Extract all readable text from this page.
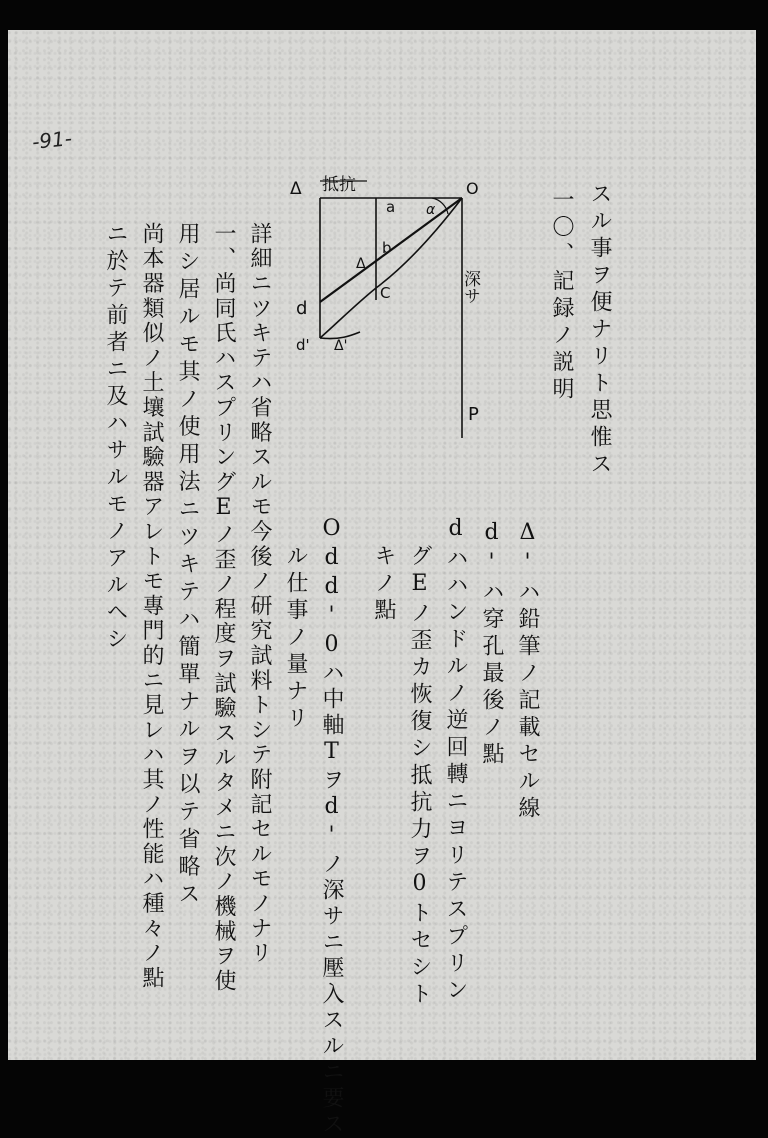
-91-
スル事ヲ便ナリト思惟ス
一〇、記録ノ説明
抵抗
Δ	O
α
a
b
Δ
C
d
d' Δ'
P
深サ
Δ'ハ鉛筆ノ記載セル線
d'ハ穿孔最後ノ點
dハハンドルノ逆回轉ニヨリテスプリン
グEノ歪カ恢復シ抵抗力ヲ0トセシト
キノ點
Odd'0ハ中軸Tヲd'ノ深サニ壓入スルニ要ス
ル仕事ノ量ナリ
詳細ニツキテハ省略スルモ今後ノ研究試料トシテ附記セルモノナリ
一、尚同氏ハスプリングEノ歪ノ程度ヲ試驗スルタメニ次ノ機械ヲ使
用シ居ルモ其ノ使用法ニツキテハ簡單ナルヲ以テ省略ス
尚本器類似ノ土壤試驗器アレトモ專門的ニ見レハ其ノ性能ハ種々ノ點
ニ於テ前者ニ及ハサルモノアルヘシ
